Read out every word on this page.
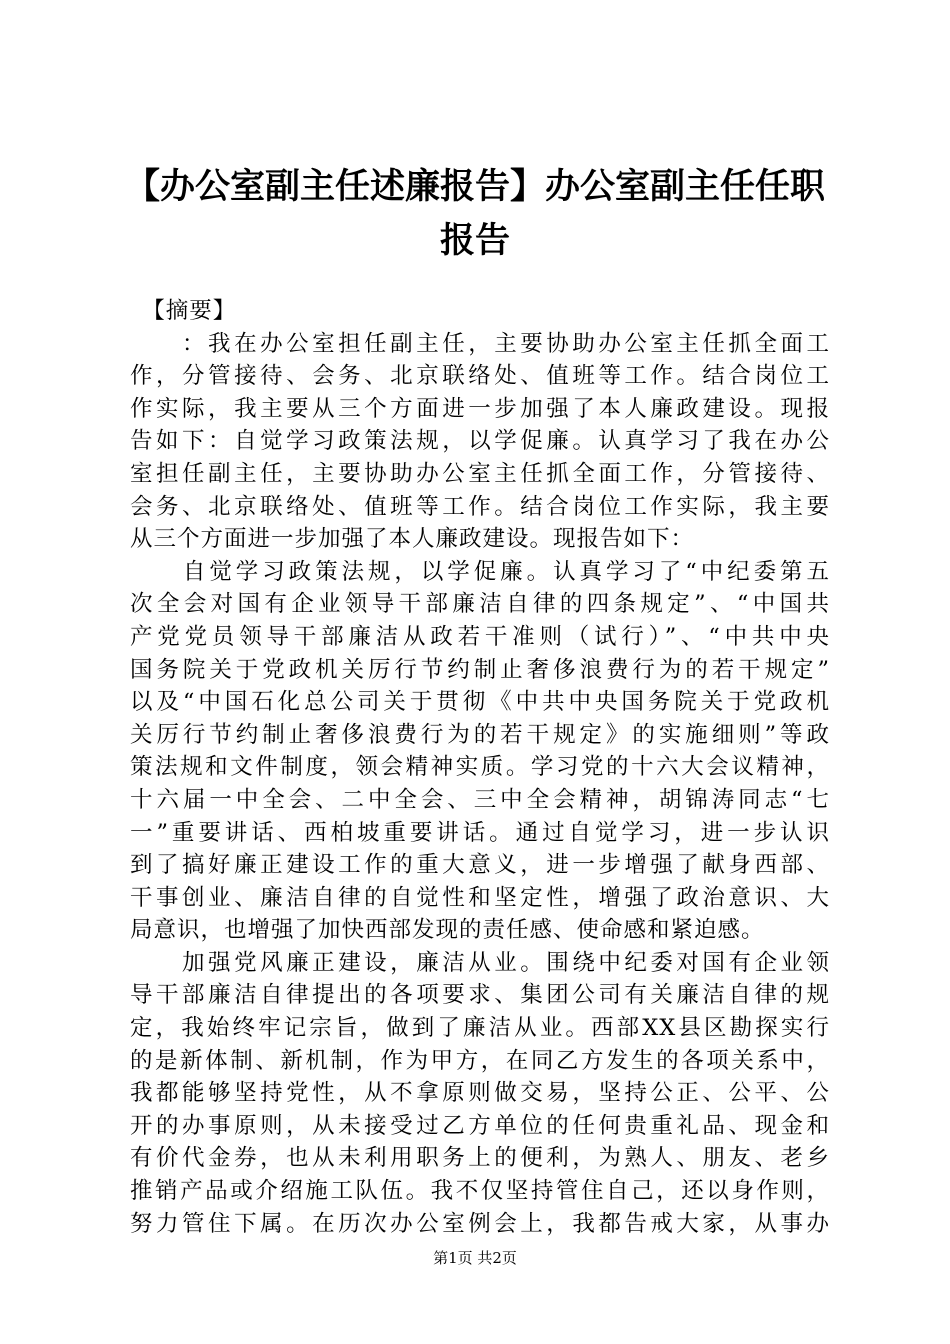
【办公室副主任述廉报告】办公室副主任任职
报告
　【摘要】
　　：我在办公室担任副主任，主要协助办公室主任抓全面工
作，分管接待、会务、北京联络处、值班等工作。结合岗位工
作实际，我主要从三个方面进一步加强了本人廉政建设。现报
告如下：自觉学习政策法规，以学促廉。认真学习了我在办公
室担任副主任，主要协助办公室主任抓全面工作，分管接待、
会务、北京联络处、值班等工作。结合岗位工作实际，我主要
从三个方面进一步加强了本人廉政建设。现报告如下：
　　自觉学习政策法规，以学促廉。认真学习了“中纪委第五
次全会对国有企业领导干部廉洁自律的四条规定”、“中国共
产党党员领导干部廉洁从政若干准则（试行）”、“中共中央
国务院关于党政机关厉行节约制止奢侈浪费行为的若干规定”
以及“中国石化总公司关于贯彻《中共中央国务院关于党政机
关厉行节约制止奢侈浪费行为的若干规定》的实施细则”等政
策法规和文件制度，领会精神实质。学习党的十六大会议精神，
十六届一中全会、二中全会、三中全会精神，胡锦涛同志“七
一”重要讲话、西柏坡重要讲话。通过自觉学习，进一步认识
到了搞好廉正建设工作的重大意义，进一步增强了献身西部、
干事创业、廉洁自律的自觉性和坚定性，增强了政治意识、大
局意识，也增强了加快西部发现的责任感、使命感和紧迫感。
　　加强党风廉正建设，廉洁从业。围绕中纪委对国有企业领
导干部廉洁自律提出的各项要求、集团公司有关廉洁自律的规
定，我始终牢记宗旨，做到了廉洁从业。西部XX县区勘探实行
的是新体制、新机制，作为甲方，在同乙方发生的各项关系中，
我都能够坚持党性，从不拿原则做交易，坚持公正、公平、公
开的办事原则，从未接受过乙方单位的任何贵重礼品、现金和
有价代金券，也从未利用职务上的便利，为熟人、朋友、老乡
推销产品或介绍施工队伍。我不仅坚持管住自己，还以身作则，
努力管住下属。在历次办公室例会上，我都告戒大家，从事办
第1页 共2页
